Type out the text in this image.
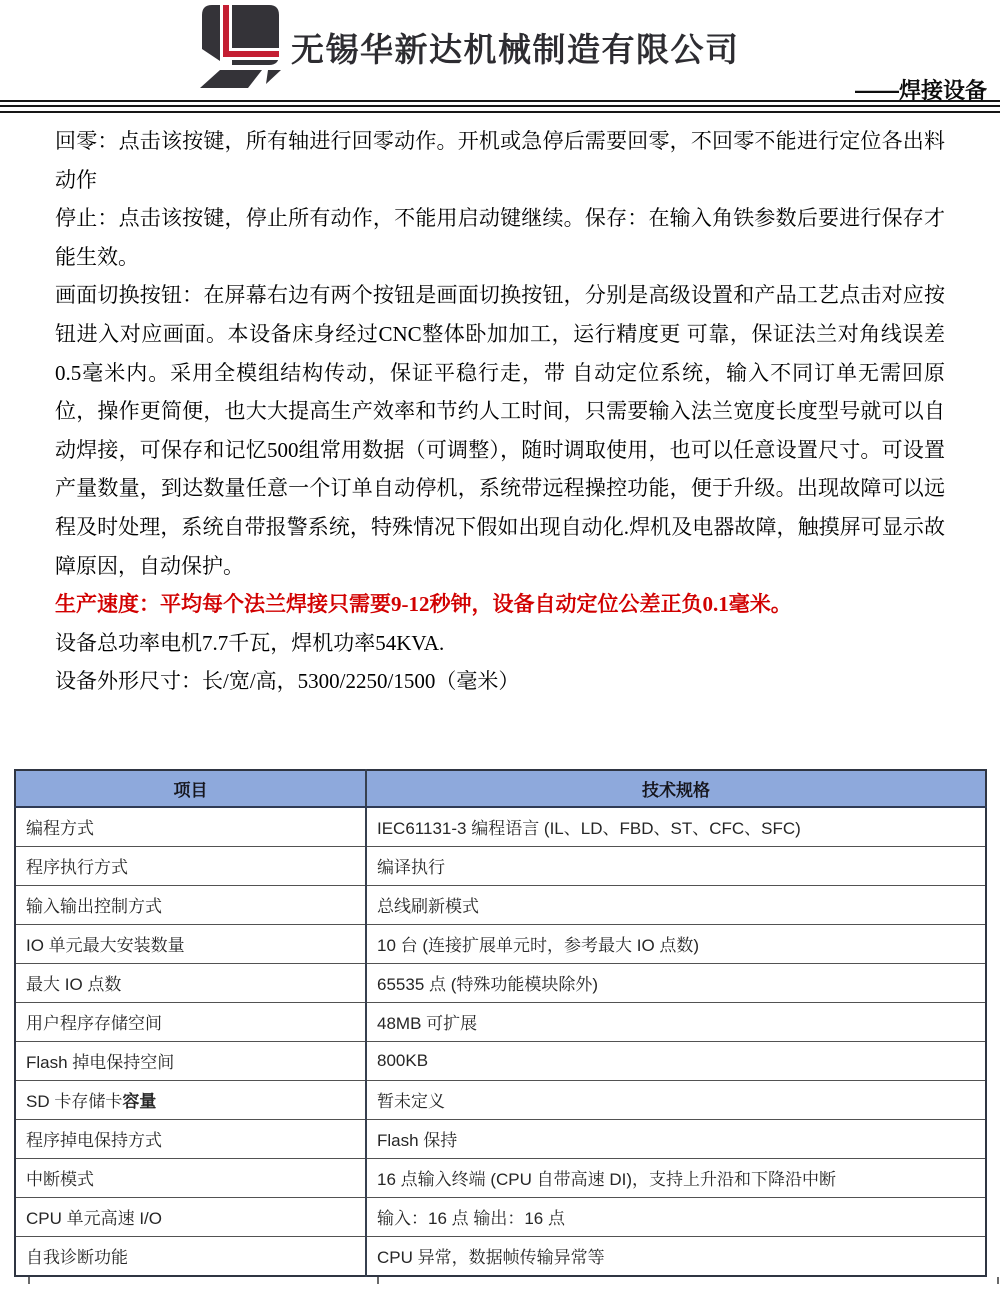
无锡华新达机械制造有限公司
——焊接设备

回零：点击该按键，所有轴进行回零动作。开机或急停后需要回零，不回零不能进行定位各出料动作

停止：点击该按键，停止所有动作，不能用启动键继续。保存：在输入角铁参数后要进行保存才能生效。

画面切换按钮：在屏幕右边有两个按钮是画面切换按钮，分别是高级设置和产品工艺点击对应按钮进入对应画面。本设备床身经过CNC整体卧加加工，运行精度更 可靠，保证法兰对角线误差0.5毫米内。采用全模组结构传动，保证平稳行走，带 自动定位系统，输入不同订单无需回原位，操作更简便，也大大提高生产效率和节约人工时间，只需要输入法兰宽度长度型号就可以自动焊接，可保存和记忆500组常用数据（可调整），随时调取使用，也可以任意设置尺寸。可设置产量数量，到达数量任意一个订单自动停机，系统带远程操控功能，便于升级。出现故障可以远程及时处理，系统自带报警系统，特殊情况下假如出现自动化.焊机及电器故障，触摸屏可显示故障原因，自动保护。

生产速度：平均每个法兰焊接只需要9-12秒钟，设备自动定位公差正负0.1毫米。

设备总功率电机7.7千瓦，焊机功率54KVA.

设备外形尺寸：长/宽/高，5300/2250/1500（毫米）

项目	技术规格
编程方式	IEC61131-3 编程语言 (IL、LD、FBD、ST、CFC、SFC)
程序执行方式	编译执行
输入输出控制方式	总线刷新模式
IO 单元最大安装数量	10 台 (连接扩展单元时，参考最大 IO 点数)
最大 IO 点数	65535 点 (特殊功能模块除外)
用户程序存储空间	48MB 可扩展
Flash 掉电保持空间	800KB
SD 卡存储卡容量	暂未定义
程序掉电保持方式	Flash 保持
中断模式	16 点输入终端 (CPU 自带高速 DI)，支持上升沿和下降沿中断
CPU 单元高速 I/O	输入：16 点 输出：16 点
自我诊断功能	CPU 异常，数据帧传输异常等
